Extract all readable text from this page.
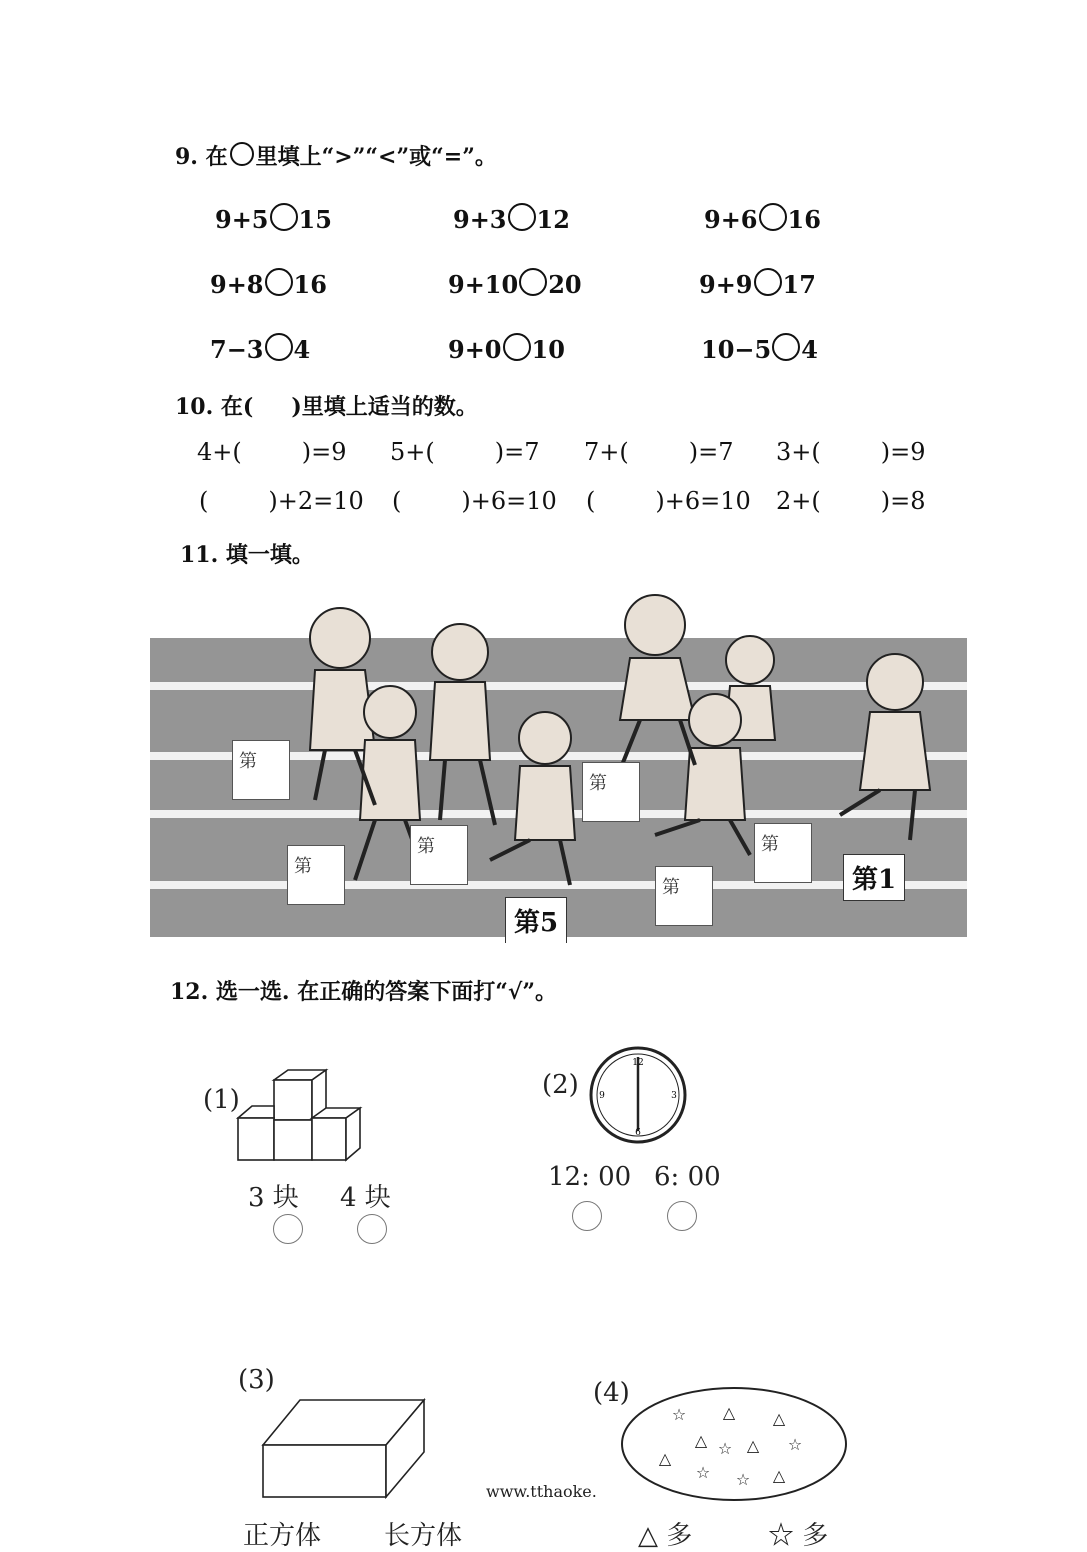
9. 在 里填上“>”“<”或“=”。
9+5 15	9+3 12	9+6 16
9+8 16	9+10 20	9+9 17
7−3 4	9+0 10	10−5 4
10. 在( )里填上适当的数。
4+(	)=9 5+(	)=7 7+(	)=7 3+(	)=9
(	)+2=10 (	)+6=10 (	)+6=10 2+(	)=8
11. 填一填。
第
第
第
第
第
第
第1
第5
12. 选一选. 在正确的答案下面打“√”。
(1)
3 块 4 块
(2)
12
3
6
9
12: 00 6: 00
(3)
正方体 长方体
(4)
☆ △ △
△ ☆ △ ☆
△
☆ ☆ △
△ 多	☆ 多
www.tthaoke.
